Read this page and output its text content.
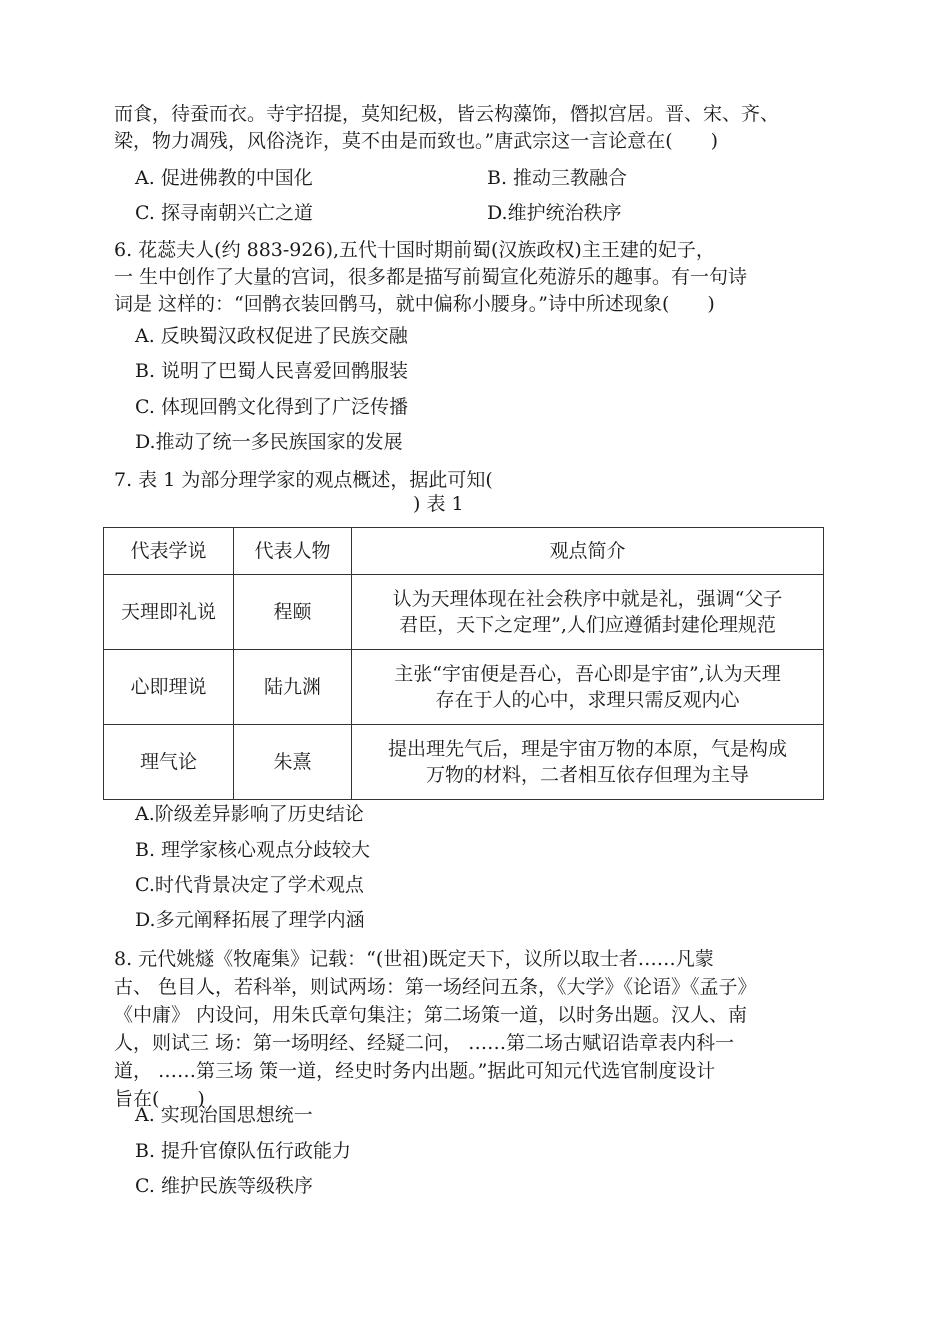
而食，待蚕而衣。寺宇招提，莫知纪极，皆云构藻饰，僭拟宫居。晋、宋、齐、
梁，物力凋残，风俗浇诈，莫不由是而致也。”唐武宗这一言论意在(　　)
A. 促进佛教的中国化	B. 推动三教融合
C. 探寻南朝兴亡之道	D.维护统治秩序
6. 花蕊夫人(约 883-926),五代十国时期前蜀(汉族政权)主王建的妃子，
一 生中创作了大量的宫词，很多都是描写前蜀宣化苑游乐的趣事。有一句诗
词是 这样的：“回鹘衣装回鹘马，就中偏称小腰身。”诗中所述现象(　　)
A. 反映蜀汉政权促进了民族交融
B. 说明了巴蜀人民喜爱回鹘服装
C. 体现回鹘文化得到了广泛传播
D.推动了统一多民族国家的发展
7. 表 1 为部分理学家的观点概述，据此可知(
) 表 1
代表学说	代表人物	观点简介
天理即礼说	程颐	认为天理体现在社会秩序中就是礼，强调“父子
君臣，天下之定理”,人们应遵循封建伦理规范

心即理说	陆九渊	主张“宇宙便是吾心，吾心即是宇宙”,认为天理
存在于人的心中，求理只需反观内心

理气论	朱熹	提出理先气后，理是宇宙万物的本原，气是构成
万物的材料，二者相互依存但理为主导
A.阶级差异影响了历史结论
B. 理学家核心观点分歧较大
C.时代背景决定了学术观点
D.多元阐释拓展了理学内涵
8. 元代姚燧《牧庵集》记载：“(世祖)既定天下，议所以取士者……凡蒙
古、 色目人，若科举，则试两场：第一场经问五条，《大学》《论语》《孟子》
《中庸》 内设问，用朱氏章句集注；第二场策一道，以时务出题。汉人、南
人，则试三 场：第一场明经、经疑二问， ……第二场古赋诏诰章表内科一
道， ……第三场 策一道，经史时务内出题。”据此可知元代选官制度设计
旨在(　　)
A. 实现治国思想统一
B. 提升官僚队伍行政能力
C. 维护民族等级秩序
